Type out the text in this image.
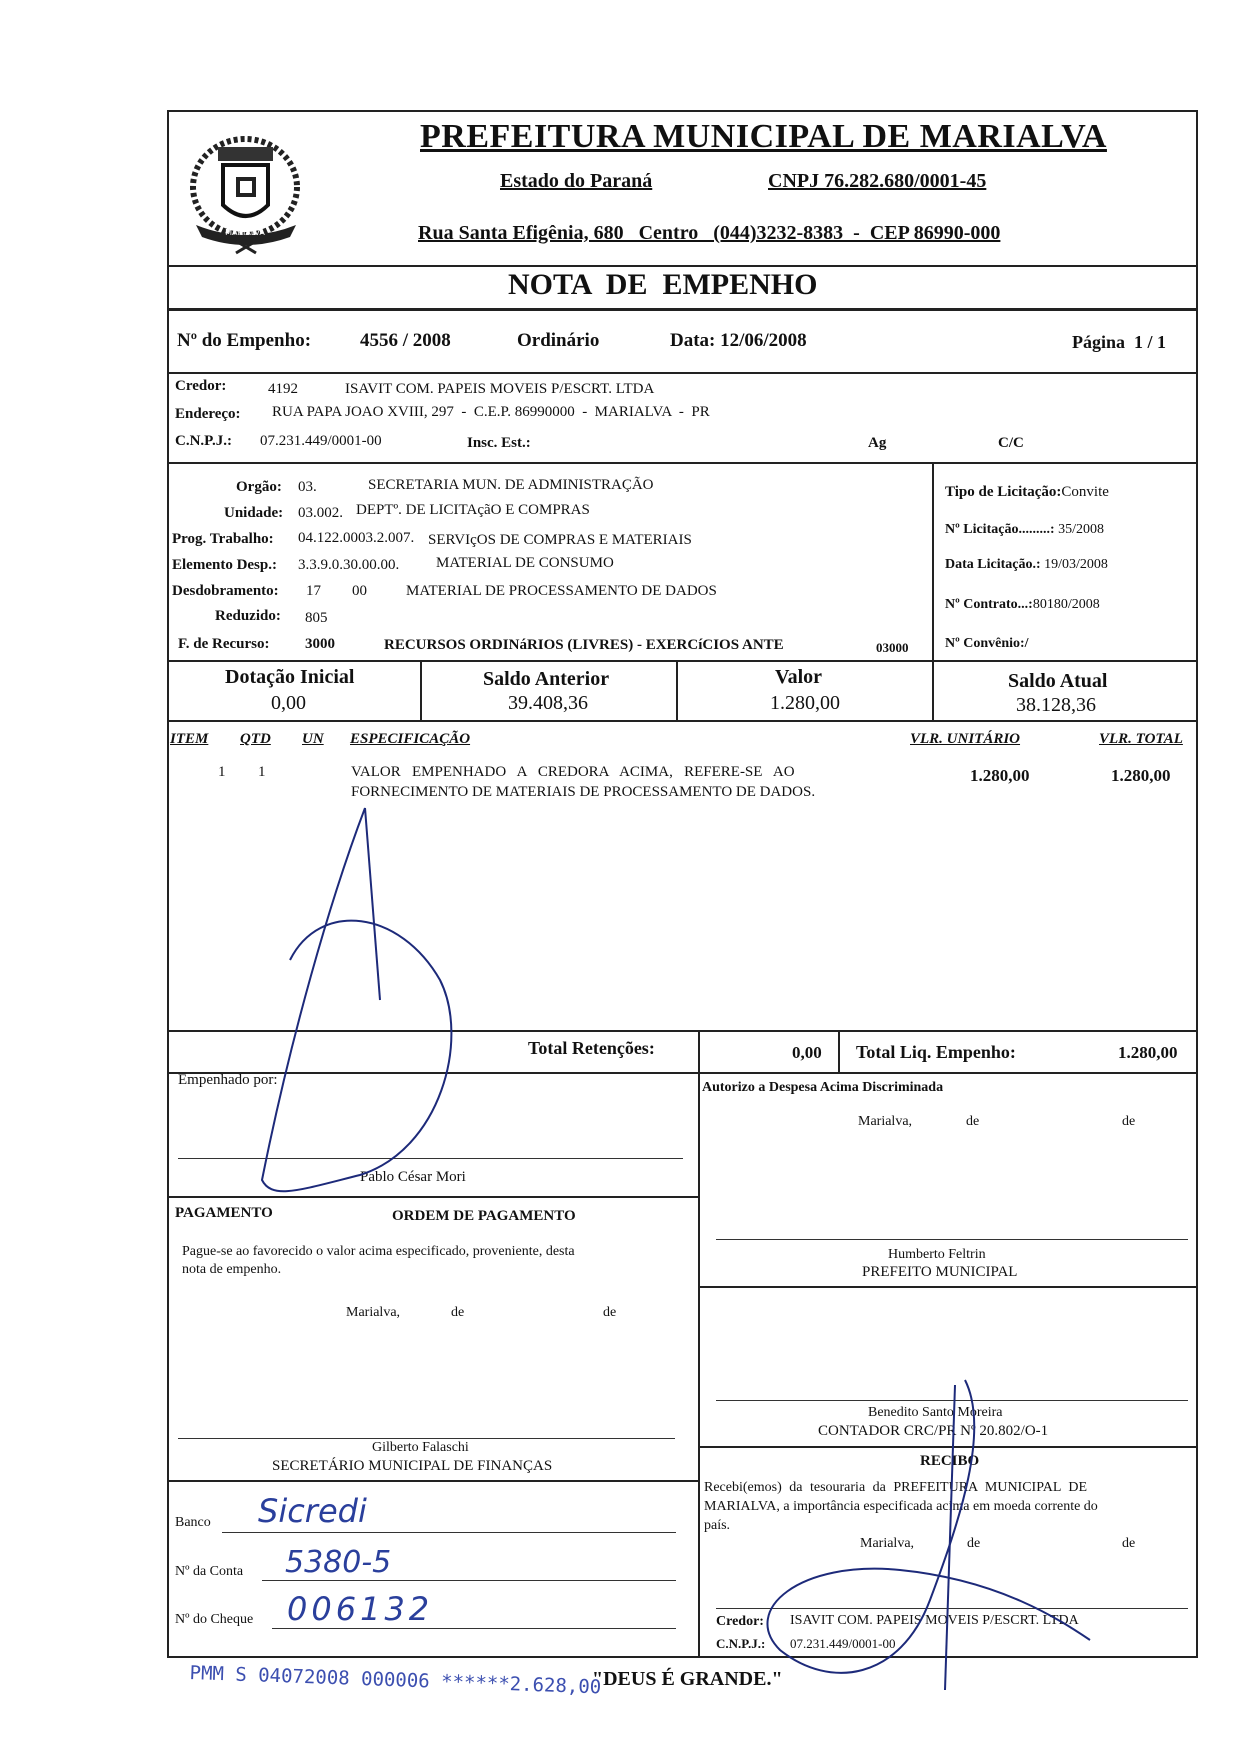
MARIALVA
PREFEITURA MUNICIPAL DE MARIALVA
Estado do Paraná	CNPJ 76.282.680/0001-45
Rua Santa Efigênia, 680   Centro   (044)3232-8383  -  CEP 86990-000
NOTA  DE  EMPENHO
Nº do Empenho:	4556 / 2008	Ordinário	Data: 12/06/2008	Página  1 / 1
Credor:	4192	ISAVIT COM. PAPEIS MOVEIS P/ESCRT. LTDA
Endereço: RUA PAPA JOAO XVIII, 297  -  C.E.P. 86990000  -  MARIALVA  -  PR
C.N.P.J.: 07.231.449/0001-00	Insc. Est.:	Ag	C/C
Orgão: 03.	SECRETARIA MUN. DE ADMINISTRAÇÃO
Unidade: 03.002. DEPTº. DE LICITAçãO E COMPRAS
Prog. Trabalho: 04.122.0003.2.007. SERVIçOS DE COMPRAS E MATERIAIS
Elemento Desp.: 3.3.9.0.30.00.00. MATERIAL DE CONSUMO
Desdobramento: 17 00	MATERIAL DE PROCESSAMENTO DE DADOS
Reduzido: 805
F. de Recurso: 3000	RECURSOS ORDINáRIOS (LIVRES) - EXERCíCIOS ANTE	03000
Tipo de Licitação:Convite
Nº Licitação.........: 35/2008
Data Licitação.: 19/03/2008
Nº Contrato...:80180/2008
Nº Convênio:/
Dotação Inicial
0,00
Saldo Anterior
39.408,36
Valor
1.280,00
Saldo Atual
38.128,36
ITEM QTD UN ESPECIFICAÇÃO	VLR. UNITÁRIO	VLR. TOTAL
1 1	VALOR   EMPENHADO   A   CREDORA   ACIMA,   REFERE-SE   AO
FORNECIMENTO DE MATERIAIS DE PROCESSAMENTO DE DADOS.
1.280,00	1.280,00
Total Retenções:	0,00 Total Liq. Empenho:	1.280,00
Empenhado por:
Pablo César Mori
PAGAMENTO	ORDEM DE PAGAMENTO
Pague-se ao favorecido o valor acima especificado, proveniente, desta
nota de empenho.
Marialva,	de	de
Gilberto Falaschi
SECRETÁRIO MUNICIPAL DE FINANÇAS
Banco Sicredi
Nº da Conta 5380-5
Nº do Cheque 006132
Autorizo a Despesa Acima Discriminada
Marialva,	de	de
Humberto Feltrin
PREFEITO MUNICIPAL
Benedito Santo Moreira
CONTADOR CRC/PR Nº 20.802/O-1
RECIBO
Recebi(emos) da tesouraria da PREFEITURA MUNICIPAL DE
MARIALVA, a importância especificada acima em moeda corrente do
país.
Marialva,	de	de
Credor: ISAVIT COM. PAPEIS MOVEIS P/ESCRT. LTDA
C.N.P.J.: 07.231.449/0001-00
PMM S 04072008 000006 ******2.628,00
"DEUS É GRANDE."
